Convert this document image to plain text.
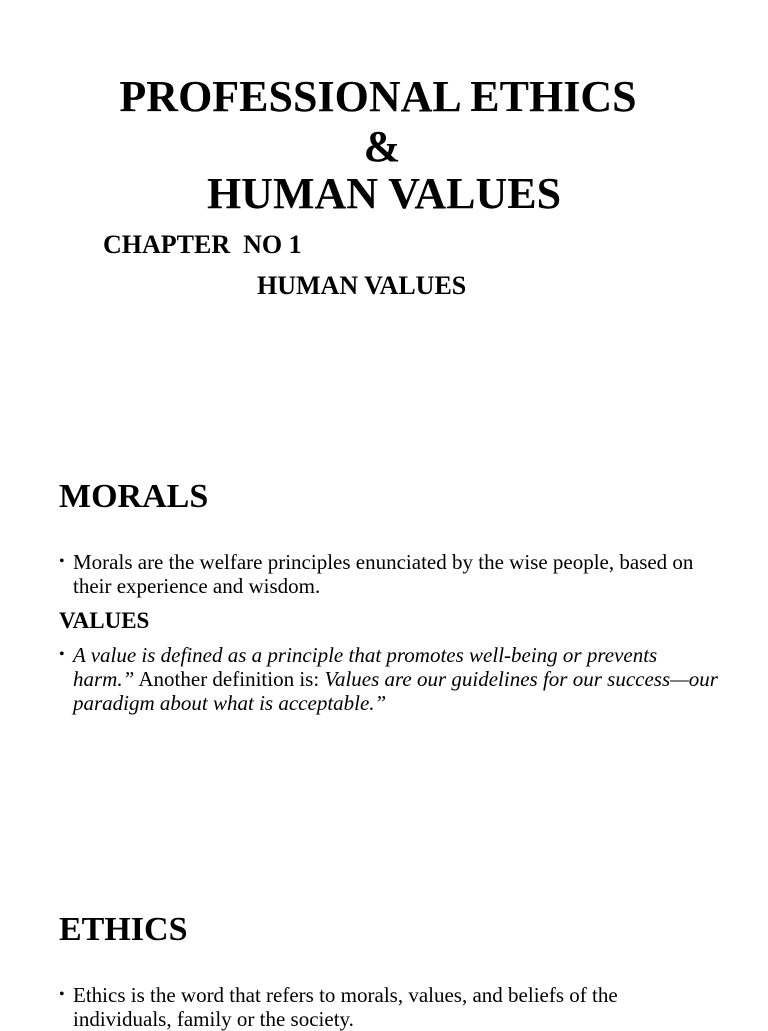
PROFESSIONAL ETHICS
&
HUMAN VALUES
CHAPTER  NO 1
HUMAN VALUES
MORALS
• Morals are the welfare principles enunciated by the wise people, based on their experience and wisdom.
VALUES
• A value is defined as a principle that promotes well-being or prevents harm.” Another definition is: Values are our guidelines for our success—our paradigm about what is acceptable.”
ETHICS
• Ethics is the word that refers to morals, values, and beliefs of the individuals, family or the society.
